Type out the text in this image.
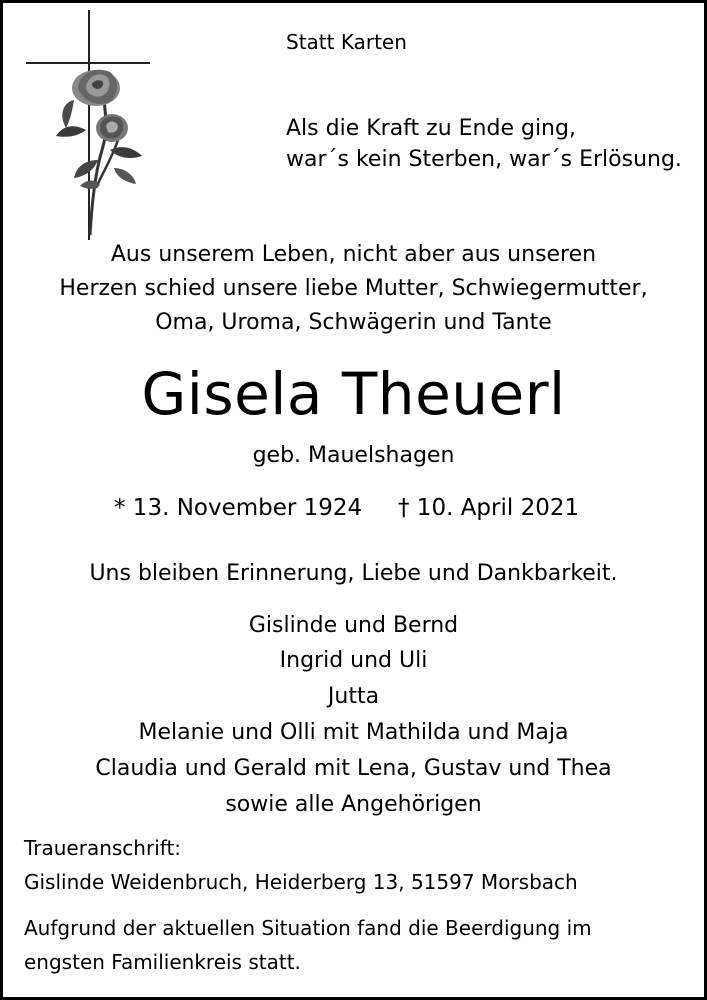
Statt Karten
Als die Kraft zu Ende ging,
war´s kein Sterben, war´s Erlösung.
Aus unserem Leben, nicht aber aus unseren
Herzen schied unsere liebe Mutter, Schwiegermutter,
Oma, Uroma, Schwägerin und Tante
Gisela Theuerl
geb. Mauelshagen
* 13. November 1924 † 10. April 2021
Uns bleiben Erinnerung, Liebe und Dankbarkeit.
Gislinde und Bernd
Ingrid und Uli
Jutta
Melanie und Olli mit Mathilda und Maja
Claudia und Gerald mit Lena, Gustav und Thea
sowie alle Angehörigen
Traueranschrift:
Gislinde Weidenbruch, Heiderberg 13, 51597 Morsbach
Aufgrund der aktuellen Situation fand die Beerdigung im
engsten Familienkreis statt.
